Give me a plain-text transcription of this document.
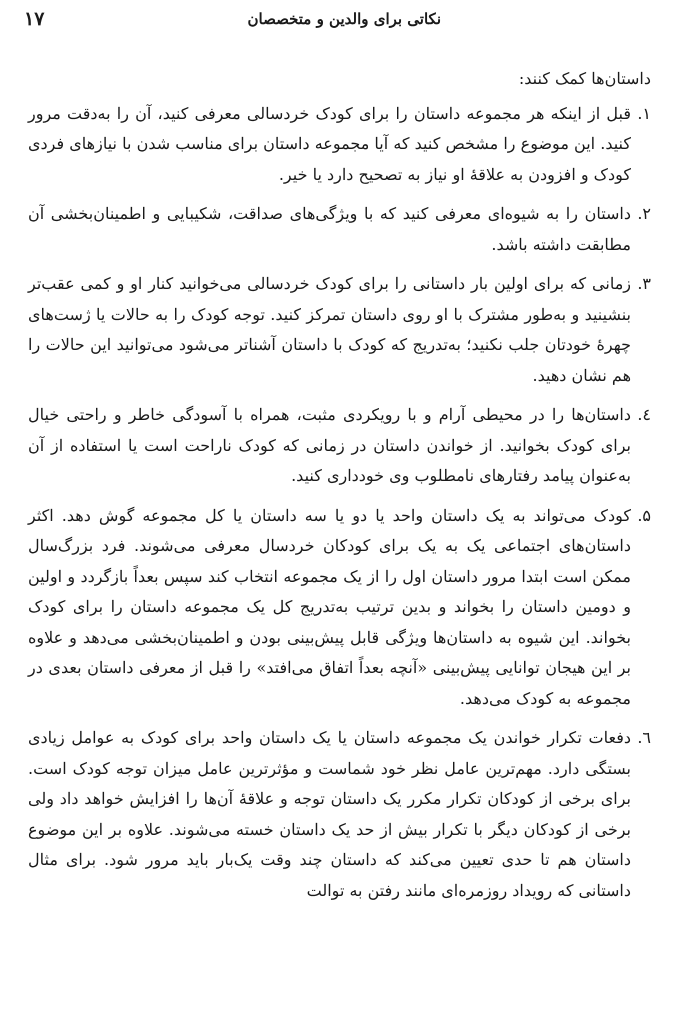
نکاتی برای والدین و متخصصان
۱۷

داستان‌ها کمک کنند:

۱.
قبل از اینکه هر مجموعه داستان را برای کودک خردسالی معرفی کنید، آن را به‌دقت مرور کنید. این موضوع را مشخص کنید که آیا مجموعه داستان برای مناسب شدن با نیازهای فردی کودک و افزودن به علاقهٔ او نیاز به تصحیح دارد یا خیر.
۲.
داستان را به شیوه‌ای معرفی کنید که با ویژگی‌های صداقت، شکیبایی و اطمینان‌بخشی آن مطابقت داشته باشد.
۳.
زمانی که برای اولین بار داستانی را برای کودک خردسالی می‌خوانید کنار او و کمی عقب‌تر بنشینید و به‌طور مشترک با او روی داستان تمرکز کنید. توجه کودک را به حالات یا ژست‌های چهرهٔ خودتان جلب نکنید؛ به‌تدریج که کودک با داستان آشناتر می‌شود می‌توانید این حالات را هم نشان دهید.
٤.
داستان‌ها را در محیطی آرام و با رویکردی مثبت، همراه با آسودگی خاطر و راحتی خیال برای کودک بخوانید. از خواندن داستان در زمانی که کودک ناراحت است یا استفاده از آن به‌عنوان پیامد رفتارهای نامطلوب وی خودداری کنید.
۵.
کودک می‌تواند به یک داستان واحد یا دو یا سه داستان یا کل مجموعه گوش دهد. اکثر داستان‌های اجتماعی یک به یک برای کودکان خردسال معرفی می‌شوند. فرد بزرگ‌سال ممکن است ابتدا مرور داستان اول را از یک مجموعه انتخاب کند سپس بعداً بازگردد و اولین و دومین داستان را بخواند و بدین ترتیب به‌تدریج کل یک مجموعه داستان را برای کودک بخواند. این شیوه به داستان‌ها ویژگی قابل پیش‌بینی بودن و اطمینان‌بخشی می‌دهد و علاوه بر این هیجان توانایی پیش‌بینی «آنچه بعداً اتفاق می‌افتد» را قبل از معرفی داستان بعدی در مجموعه به کودک می‌دهد.
٦.
دفعات تکرار خواندن یک مجموعه داستان یا یک داستان واحد برای کودک به عوامل زیادی بستگی دارد. مهم‌ترین عامل نظر خود شماست و مؤثرترین عامل میزان توجه کودک است. برای برخی از کودکان تکرار مکرر یک داستان توجه و علاقهٔ آن‌ها را افزایش خواهد داد ولی برخی از کودکان دیگر با تکرار بیش از حد یک داستان خسته می‌شوند. علاوه بر این موضوع داستان هم تا حدی تعیین می‌کند که داستان چند وقت یک‌بار باید مرور شود. برای مثال داستانی که رویداد روزمره‌ای مانند رفتن به توالت
